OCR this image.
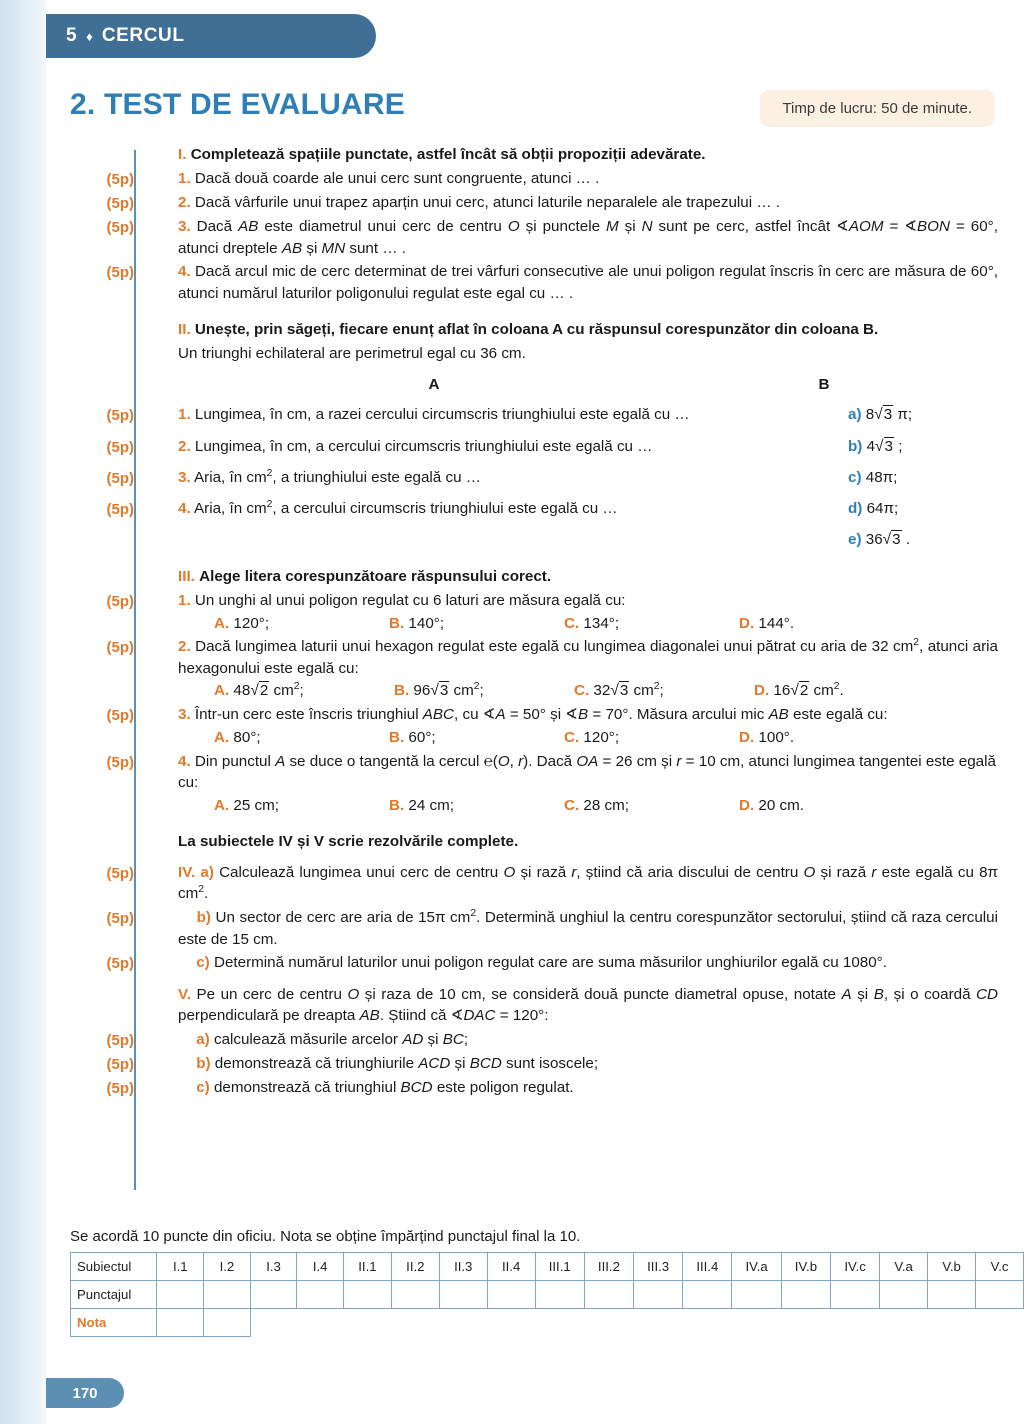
5 ♦ CERCUL
2. TEST DE EVALUARE	Timp de lucru: 50 de minute.
I. Completează spațiile punctate, astfel încât să obții propoziții adevărate.
(5p)	1. Dacă două coarde ale unui cerc sunt congruente, atunci … .
(5p)	2. Dacă vârfurile unui trapez aparțin unui cerc, atunci laturile neparalele ale trapezului … .
(5p)	3. Dacă AB este diametrul unui cerc de centru O și punctele M și N sunt pe cerc, astfel încât ∢AOM = ∢BON = 60°, atunci dreptele AB și MN sunt … .
(5p)	4. Dacă arcul mic de cerc determinat de trei vârfuri consecutive ale unui poligon regulat înscris în cerc are măsura de 60°, atunci numărul laturilor poligonului regulat este egal cu … .
II. Unește, prin săgeți, fiecare enunț aflat în coloana A cu răspunsul corespunzător din coloana B.
Un triunghi echilateral are perimetrul egal cu 36 cm.
A	B
(5p)	1. Lungimea, în cm, a razei cercului circumscris triunghiului este egală cu …	a) 8√3 π;
(5p)	2. Lungimea, în cm, a cercului circumscris triunghiului este egală cu …	b) 4√3 ;
(5p)	3. Aria, în $cm^2$, a triunghiului este egală cu …	c) 48π;
(5p)	4. Aria, în $cm^2$, a cercului circumscris triunghiului este egală cu …	d) 64π;

e) 36√3 .
III. Alege litera corespunzătoare răspunsului corect.
(5p)	1. Un unghi al unui poligon regulat cu 6 laturi are măsura egală cu:
A. 120°;	B. 140°;	C. 134°;	D. 144°.
(5p)	2. Dacă lungimea laturii unui hexagon regulat este egală cu lungimea diagonalei unui pătrat cu aria de 32 $cm^2$, atunci aria hexagonului este egală cu:
A. 48√2 $cm^2$;	B. 96√3 $cm^2$;	C. 32√3 $cm^2$;	D. 16√2 $cm^2$.
(5p)	3. Într-un cerc este înscris triunghiul ABC, cu ∢A = 50° și ∢B = 70°. Măsura arcului mic AB este egală cu:
A. 80°;	B. 60°;	C. 120°;	D. 100°.
(5p)	4. Din punctul A se duce o tangentă la cercul ℮(O, r). Dacă OA = 26 cm și r = 10 cm, atunci lungimea tangentei este egală cu:
A. 25 cm;	B. 24 cm;	C. 28 cm;	D. 20 cm.
La subiectele IV și V scrie rezolvările complete.
(5p)	IV. a) Calculează lungimea unui cerc de centru O și rază r, știind că aria discului de centru O și rază r este egală cu 8π $cm^2$.
(5p)	b) Un sector de cerc are aria de 15π $cm^2$. Determină unghiul la centru corespunzător sectorului, știind că raza cercului este de 15 cm.
(5p)	c) Determină numărul laturilor unui poligon regulat care are suma măsurilor unghiurilor egală cu 1080°.
V. Pe un cerc de centru O și raza de 10 cm, se consideră două puncte diametral opuse, notate A și B, și o coardă CD perpendiculară pe dreapta AB. Știind că ∢DAC = 120°:
(5p)	a) calculează măsurile arcelor AD și BC;
(5p)	b) demonstrează că triunghiurile ACD și BCD sunt isoscele;
(5p)	c) demonstrează că triunghiul BCD este poligon regulat.
Se acordă 10 puncte din oficiu. Nota se obține împărțind punctajul final la 10.
Subiectul	I.1	I.2	I.3	I.4	II.1	II.2	II.3	II.4	III.1	III.2	III.3	III.4	IV.a	IV.b	IV.c	V.a	V.b	V.c
Punctajul																		
Nota																		
170
